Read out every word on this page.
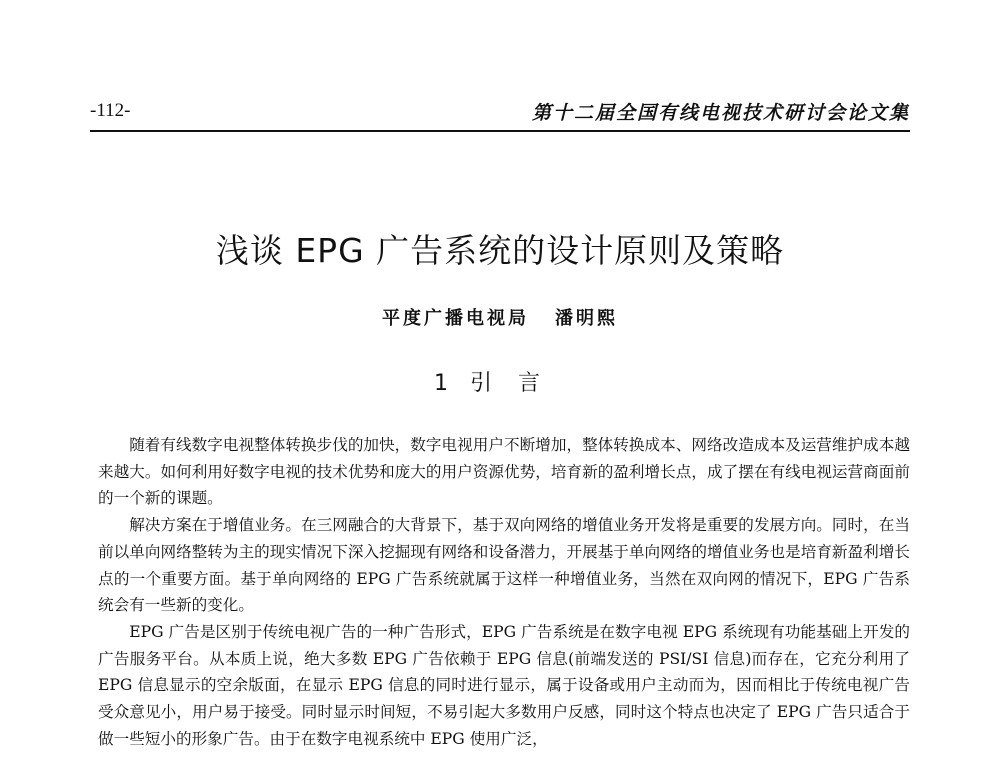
-112-	第十二届全国有线电视技术研讨会论文集
浅谈 EPG 广告系统的设计原则及策略
平度广播电视局 潘明熙
1 引言

随着有线数字电视整体转换步伐的加快，数字电视用户不断增加，整体转换成本、网络改造成本及运营维护成本越来越大。如何利用好数字电视的技术优势和庞大的用户资源优势，培育新的盈利增长点，成了摆在有线电视运营商面前的一个新的课题。

解决方案在于增值业务。在三网融合的大背景下，基于双向网络的增值业务开发将是重要的发展方向。同时，在当前以单向网络整转为主的现实情况下深入挖掘现有网络和设备潜力，开展基于单向网络的增值业务也是培育新盈利增长点的一个重要方面。基于单向网络的 EPG 广告系统就属于这样一种增值业务，当然在双向网的情况下，EPG 广告系统会有一些新的变化。

EPG 广告是区别于传统电视广告的一种广告形式，EPG 广告系统是在数字电视 EPG 系统现有功能基础上开发的广告服务平台。从本质上说，绝大多数 EPG 广告依赖于 EPG 信息(前端发送的 PSI/SI 信息)而存在，它充分利用了 EPG 信息显示的空余版面，在显示 EPG 信息的同时进行显示，属于设备或用户主动而为，因而相比于传统电视广告受众意见小，用户易于接受。同时显示时间短，不易引起大多数用户反感，同时这个特点也决定了 EPG 广告只适合于做一些短小的形象广告。由于在数字电视系统中 EPG 使用广泛，
